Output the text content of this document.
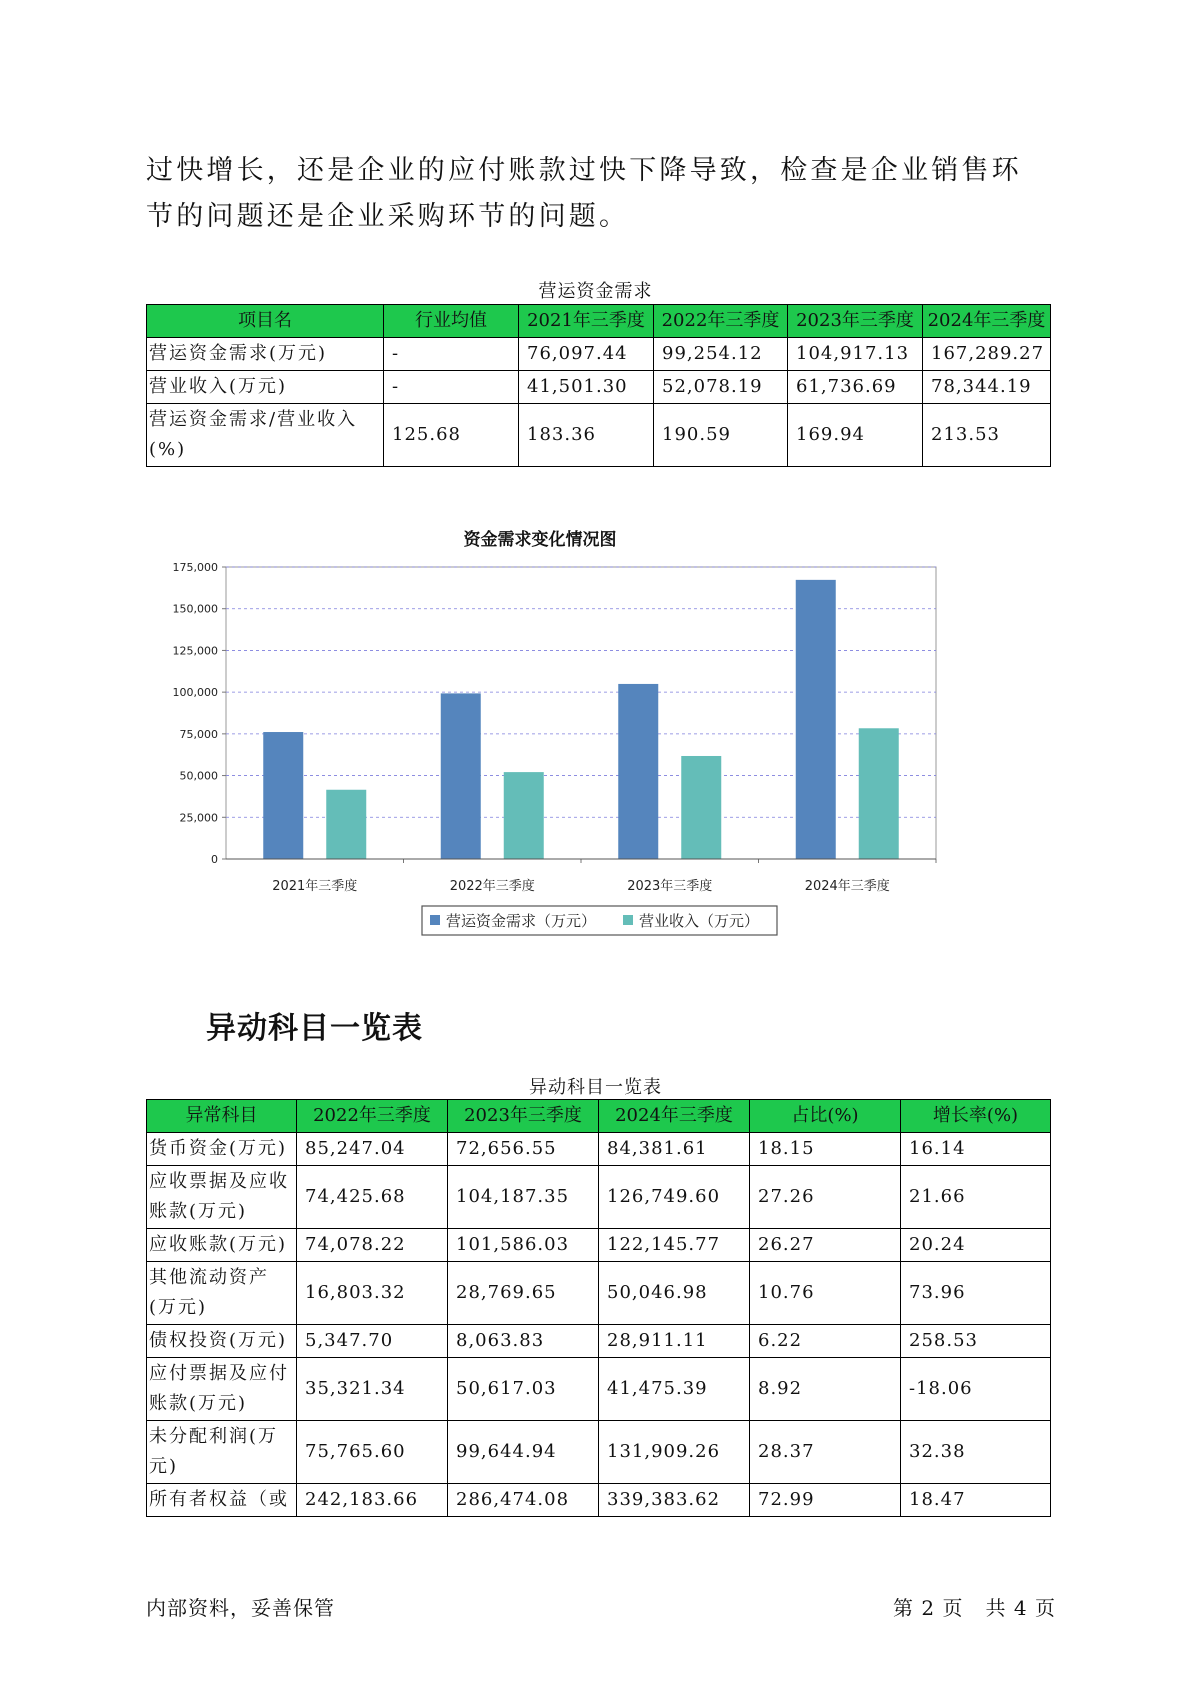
过快增长，还是企业的应付账款过快下降导致，检查是企业销售环节的问题还是企业采购环节的问题。

营运资金需求
项目名	行业均值	2021年三季度	2022年三季度	2023年三季度	2024年三季度
营运资金需求(万元)	-	76,097.44	99,254.12	104,917.13	167,289.27
营业收入(万元)	-	41,501.30	52,078.19	61,736.69	78,344.19
营运资金需求/营业收入(%)	125.68	183.36	190.59	169.94	213.53
资金需求变化情况图
0
25,000
50,000
75,000
100,000
125,000
150,000
175,000
2021年三季度	2022年三季度	2023年三季度	2024年三季度
营运资金需求（万元）	营业收入（万元）
异动科目一览表
异动科目一览表
异常科目	2022年三季度	2023年三季度	2024年三季度	占比(%)	增长率(%)
货币资金(万元)	85,247.04	72,656.55	84,381.61	18.15	16.14
应收票据及应收账款(万元)	74,425.68	104,187.35	126,749.60	27.26	21.66
应收账款(万元)	74,078.22	101,586.03	122,145.77	26.27	20.24
其他流动资产(万元)	16,803.32	28,769.65	50,046.98	10.76	73.96
债权投资(万元)	5,347.70	8,063.83	28,911.11	6.22	258.53
应付票据及应付账款(万元)	35,321.34	50,617.03	41,475.39	8.92	-18.06
未分配利润(万元)	75,765.60	99,644.94	131,909.26	28.37	32.38
所有者权益（或	242,183.66	286,474.08	339,383.62	72.99	18.47
内部资料，妥善保管	第 2 页   共 4 页
